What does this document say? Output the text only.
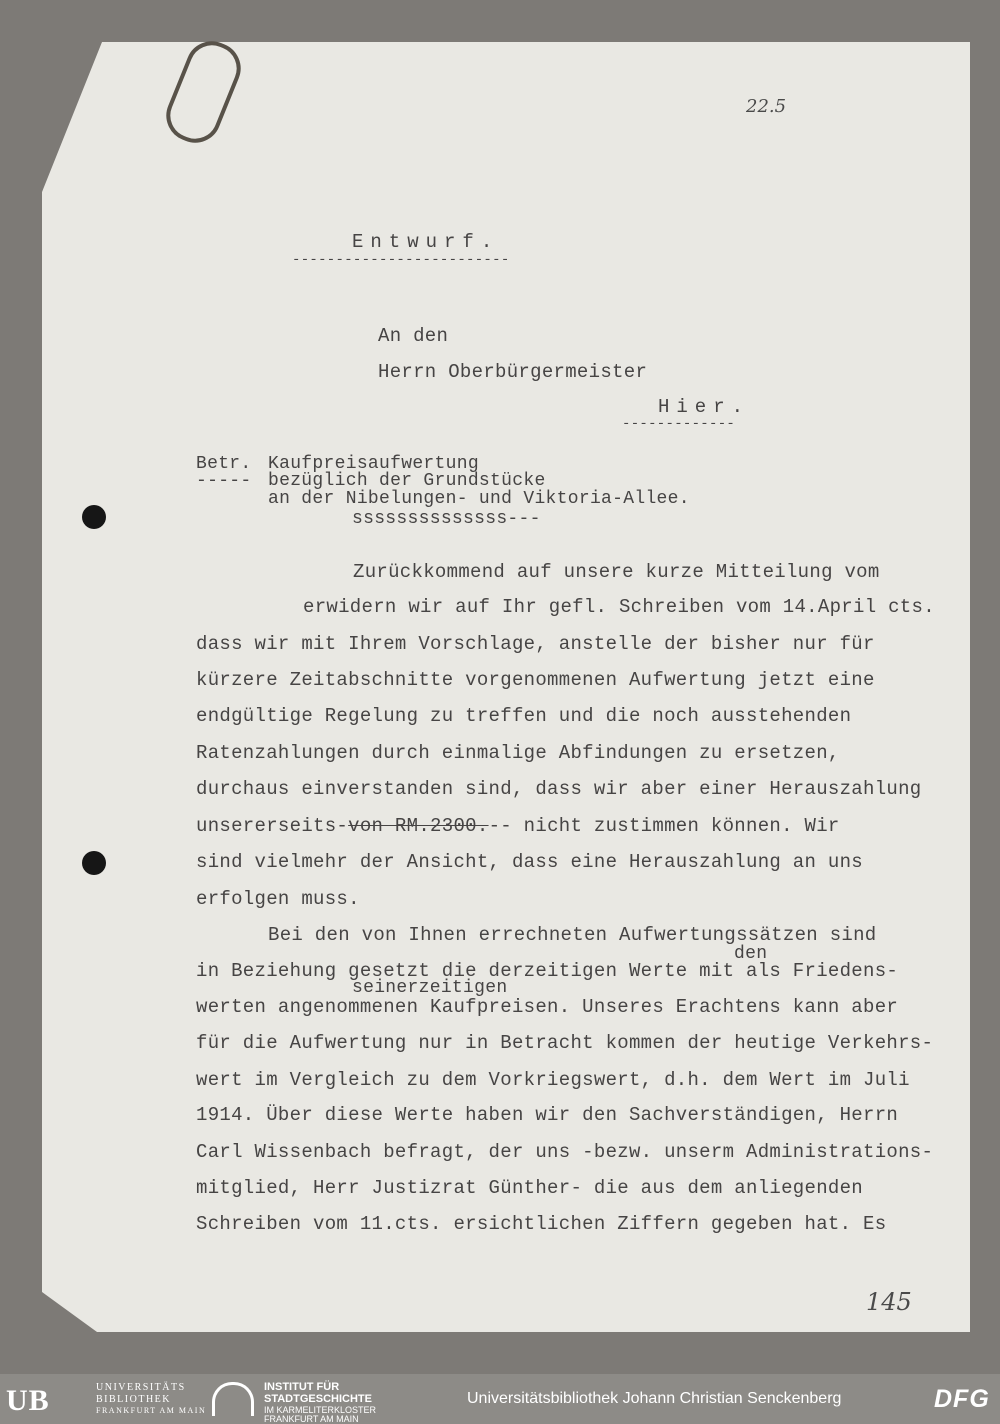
22.5
Entwurf.
-------------------------
An den
Herrn Oberbürgermeister
Hier.
-------------
Betr.
-----
Kaufpreisaufwertung
bezüglich der Grundstücke
an der Nibelungen- und Viktoria-Allee.
ssssssssssssss---
Zurückkommend auf unsere kurze Mitteilung vom
erwidern wir auf Ihr gefl. Schreiben vom 14.April cts.
dass wir mit Ihrem Vorschlage, anstelle der bisher nur für
kürzere Zeitabschnitte vorgenommenen Aufwertung jetzt eine
endgültige Regelung zu treffen und die noch ausstehenden
Ratenzahlungen durch einmalige Abfindungen zu ersetzen,
durchaus einverstanden sind, dass wir aber einer Herauszahlung
unsererseits-von RM.2300.-- nicht zustimmen können. Wir
sind vielmehr der Ansicht, dass eine Herauszahlung an uns
erfolgen muss.
Bei den von Ihnen errechneten Aufwertungssätzen sind
den
in Beziehung gesetzt die derzeitigen Werte mit als Friedens-
seinerzeitigen
werten angenommenen Kaufpreisen. Unseres Erachtens kann aber
für die Aufwertung nur in Betracht kommen der heutige Verkehrs-
wert im Vergleich zu dem Vorkriegswert, d.h. dem Wert im Juli
1914. Über diese Werte haben wir den Sachverständigen, Herrn
Carl Wissenbach befragt, der uns -bezw. unserm Administrations-
mitglied, Herr Justizrat Günther- die aus dem anliegenden
Schreiben vom 11.cts. ersichtlichen Ziffern gegeben hat. Es
145
UB	UNIVERSITÄTS
BIBLIOTHEK
FRANKFURT AM MAIN
INSTITUT FÜR
STADTGESCHICHTE
IM KARMELITERKLOSTER
FRANKFURT AM MAIN
Universitätsbibliothek Johann Christian Senckenberg	DFG
